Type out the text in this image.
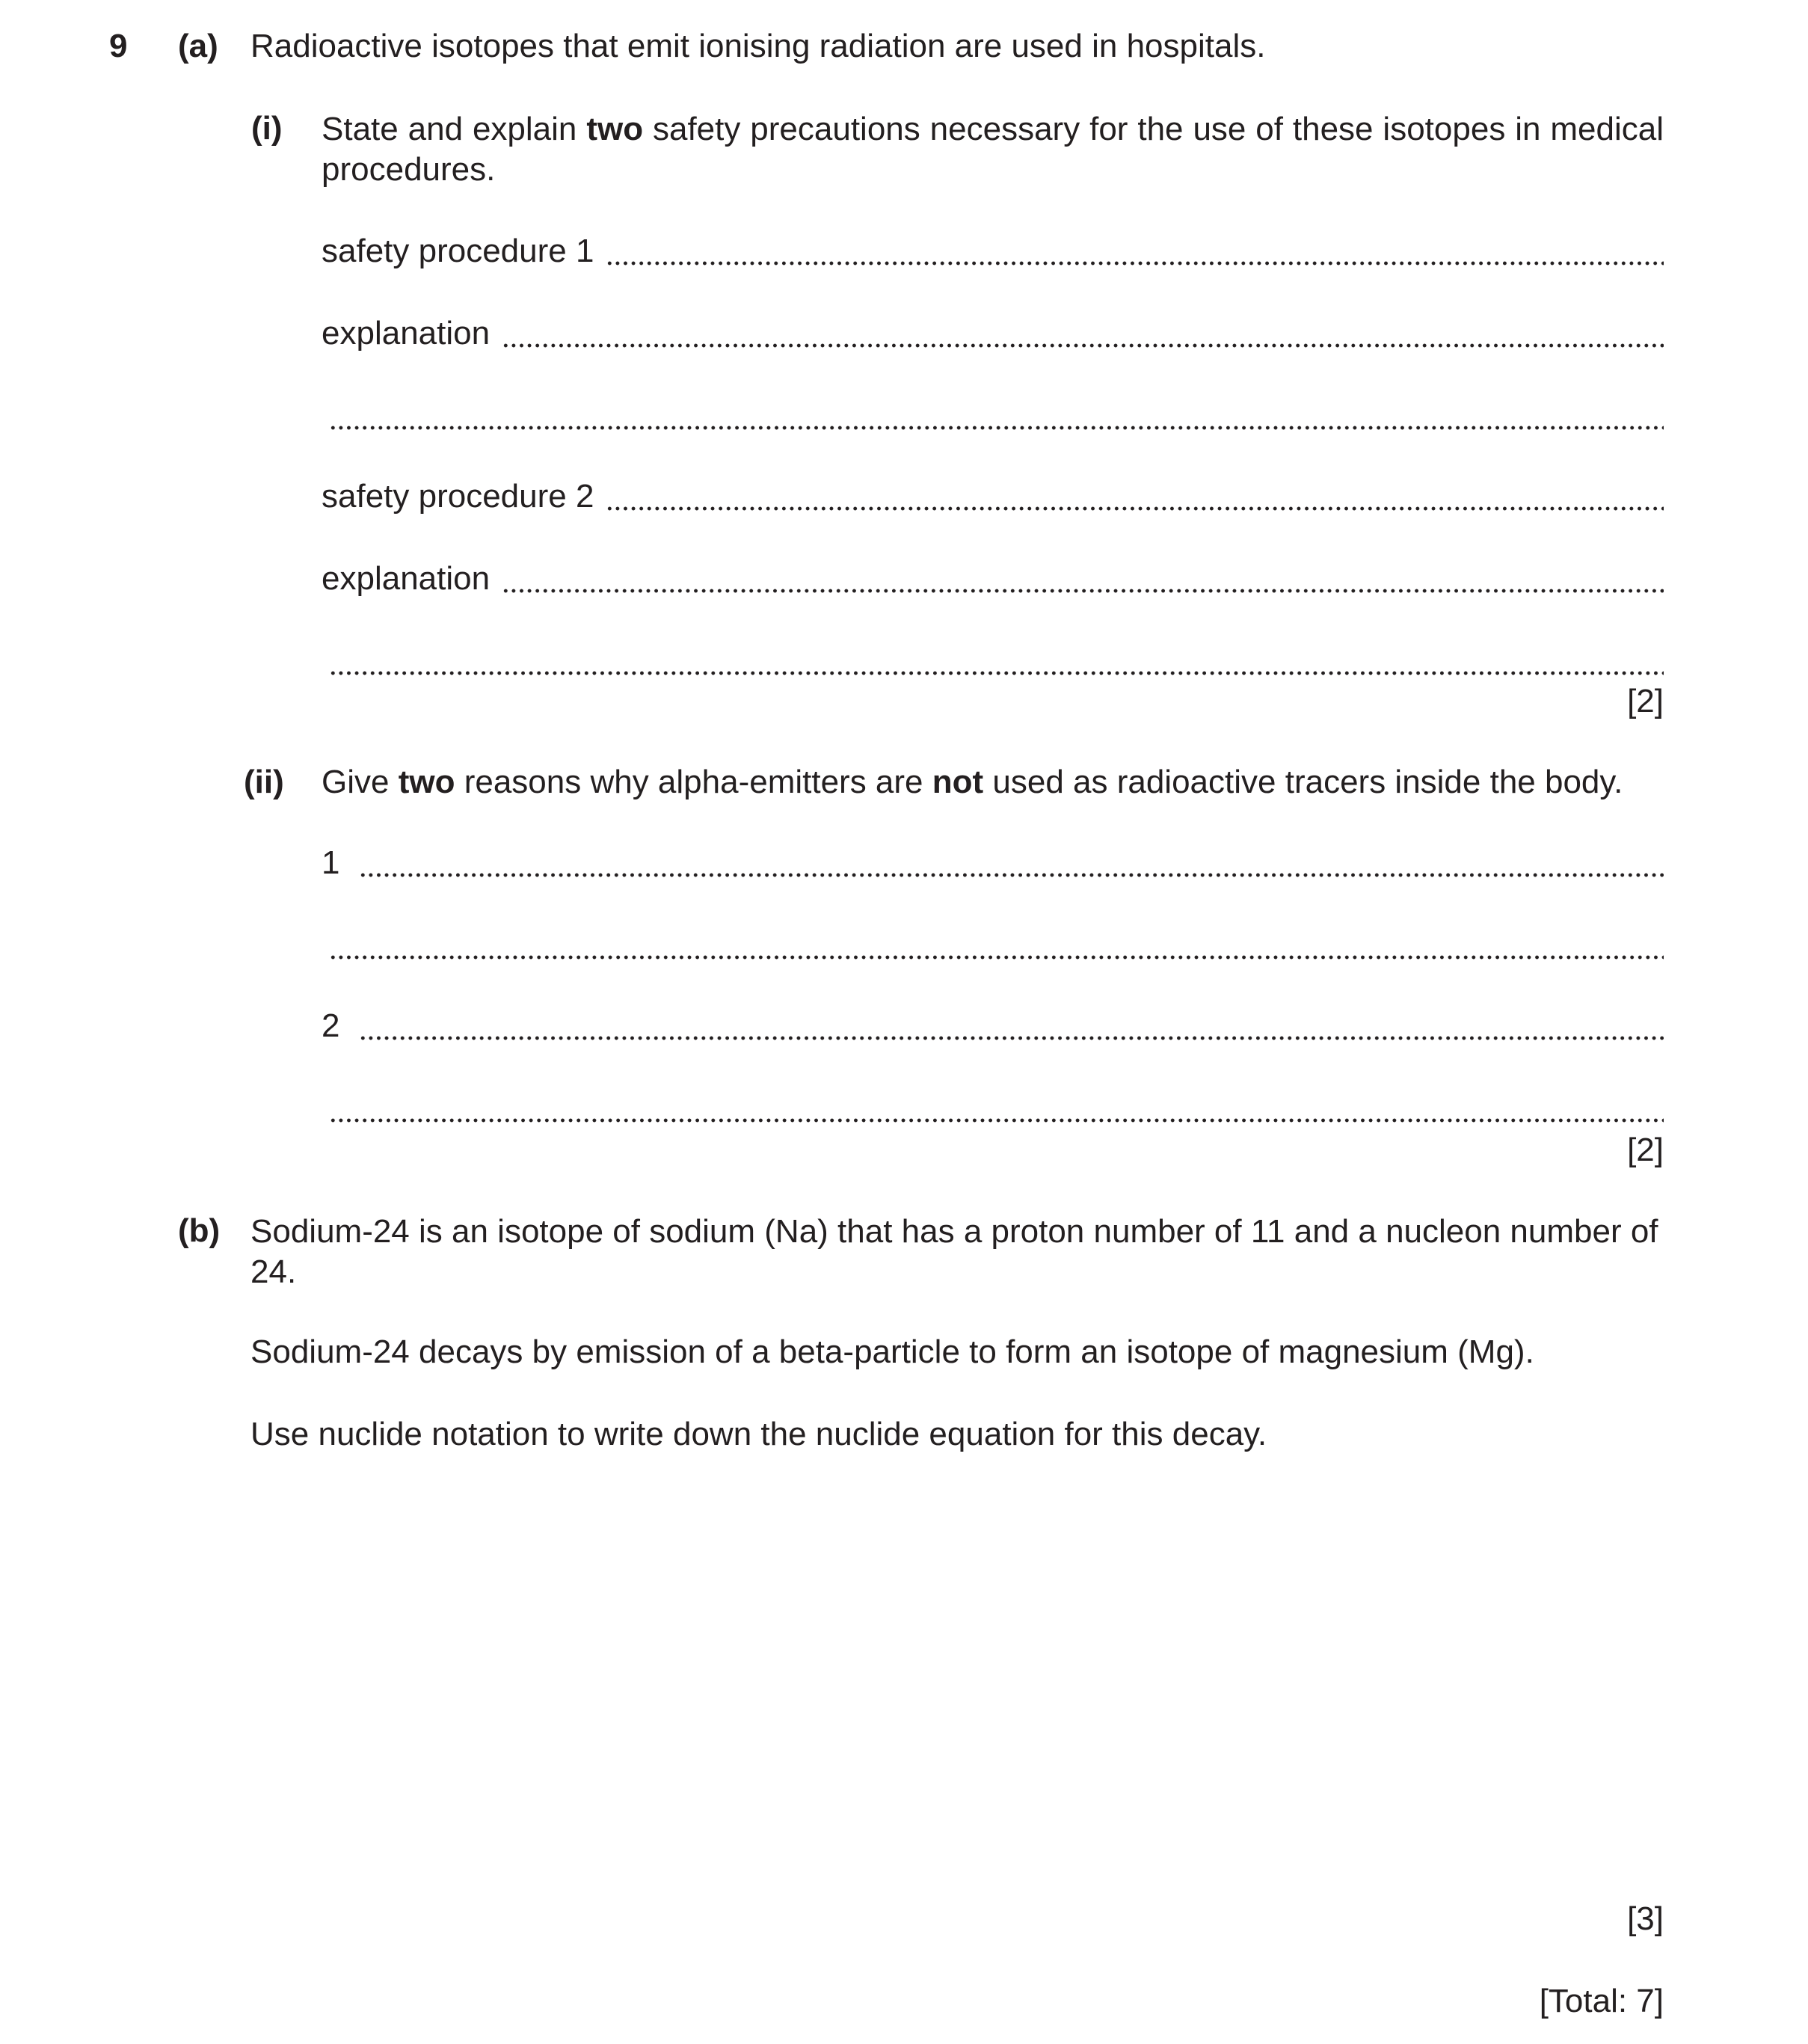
9 (a) Radioactive isotopes that emit ionising radiation are used in hospitals.
(i) State and explain two safety precautions necessary for the use of these isotopes in medical procedures.
safety procedure 1
explanation
safety procedure 2
explanation
[2]
(ii) Give two reasons why alpha-emitters are not used as radioactive tracers inside the body.
1
2
[2]
(b) Sodium-24 is an isotope of sodium (Na) that has a proton number of 11 and a nucleon number of 24.
Sodium-24 decays by emission of a beta-particle to form an isotope of magnesium (Mg).
Use nuclide notation to write down the nuclide equation for this decay.
[3]
[Total: 7]
